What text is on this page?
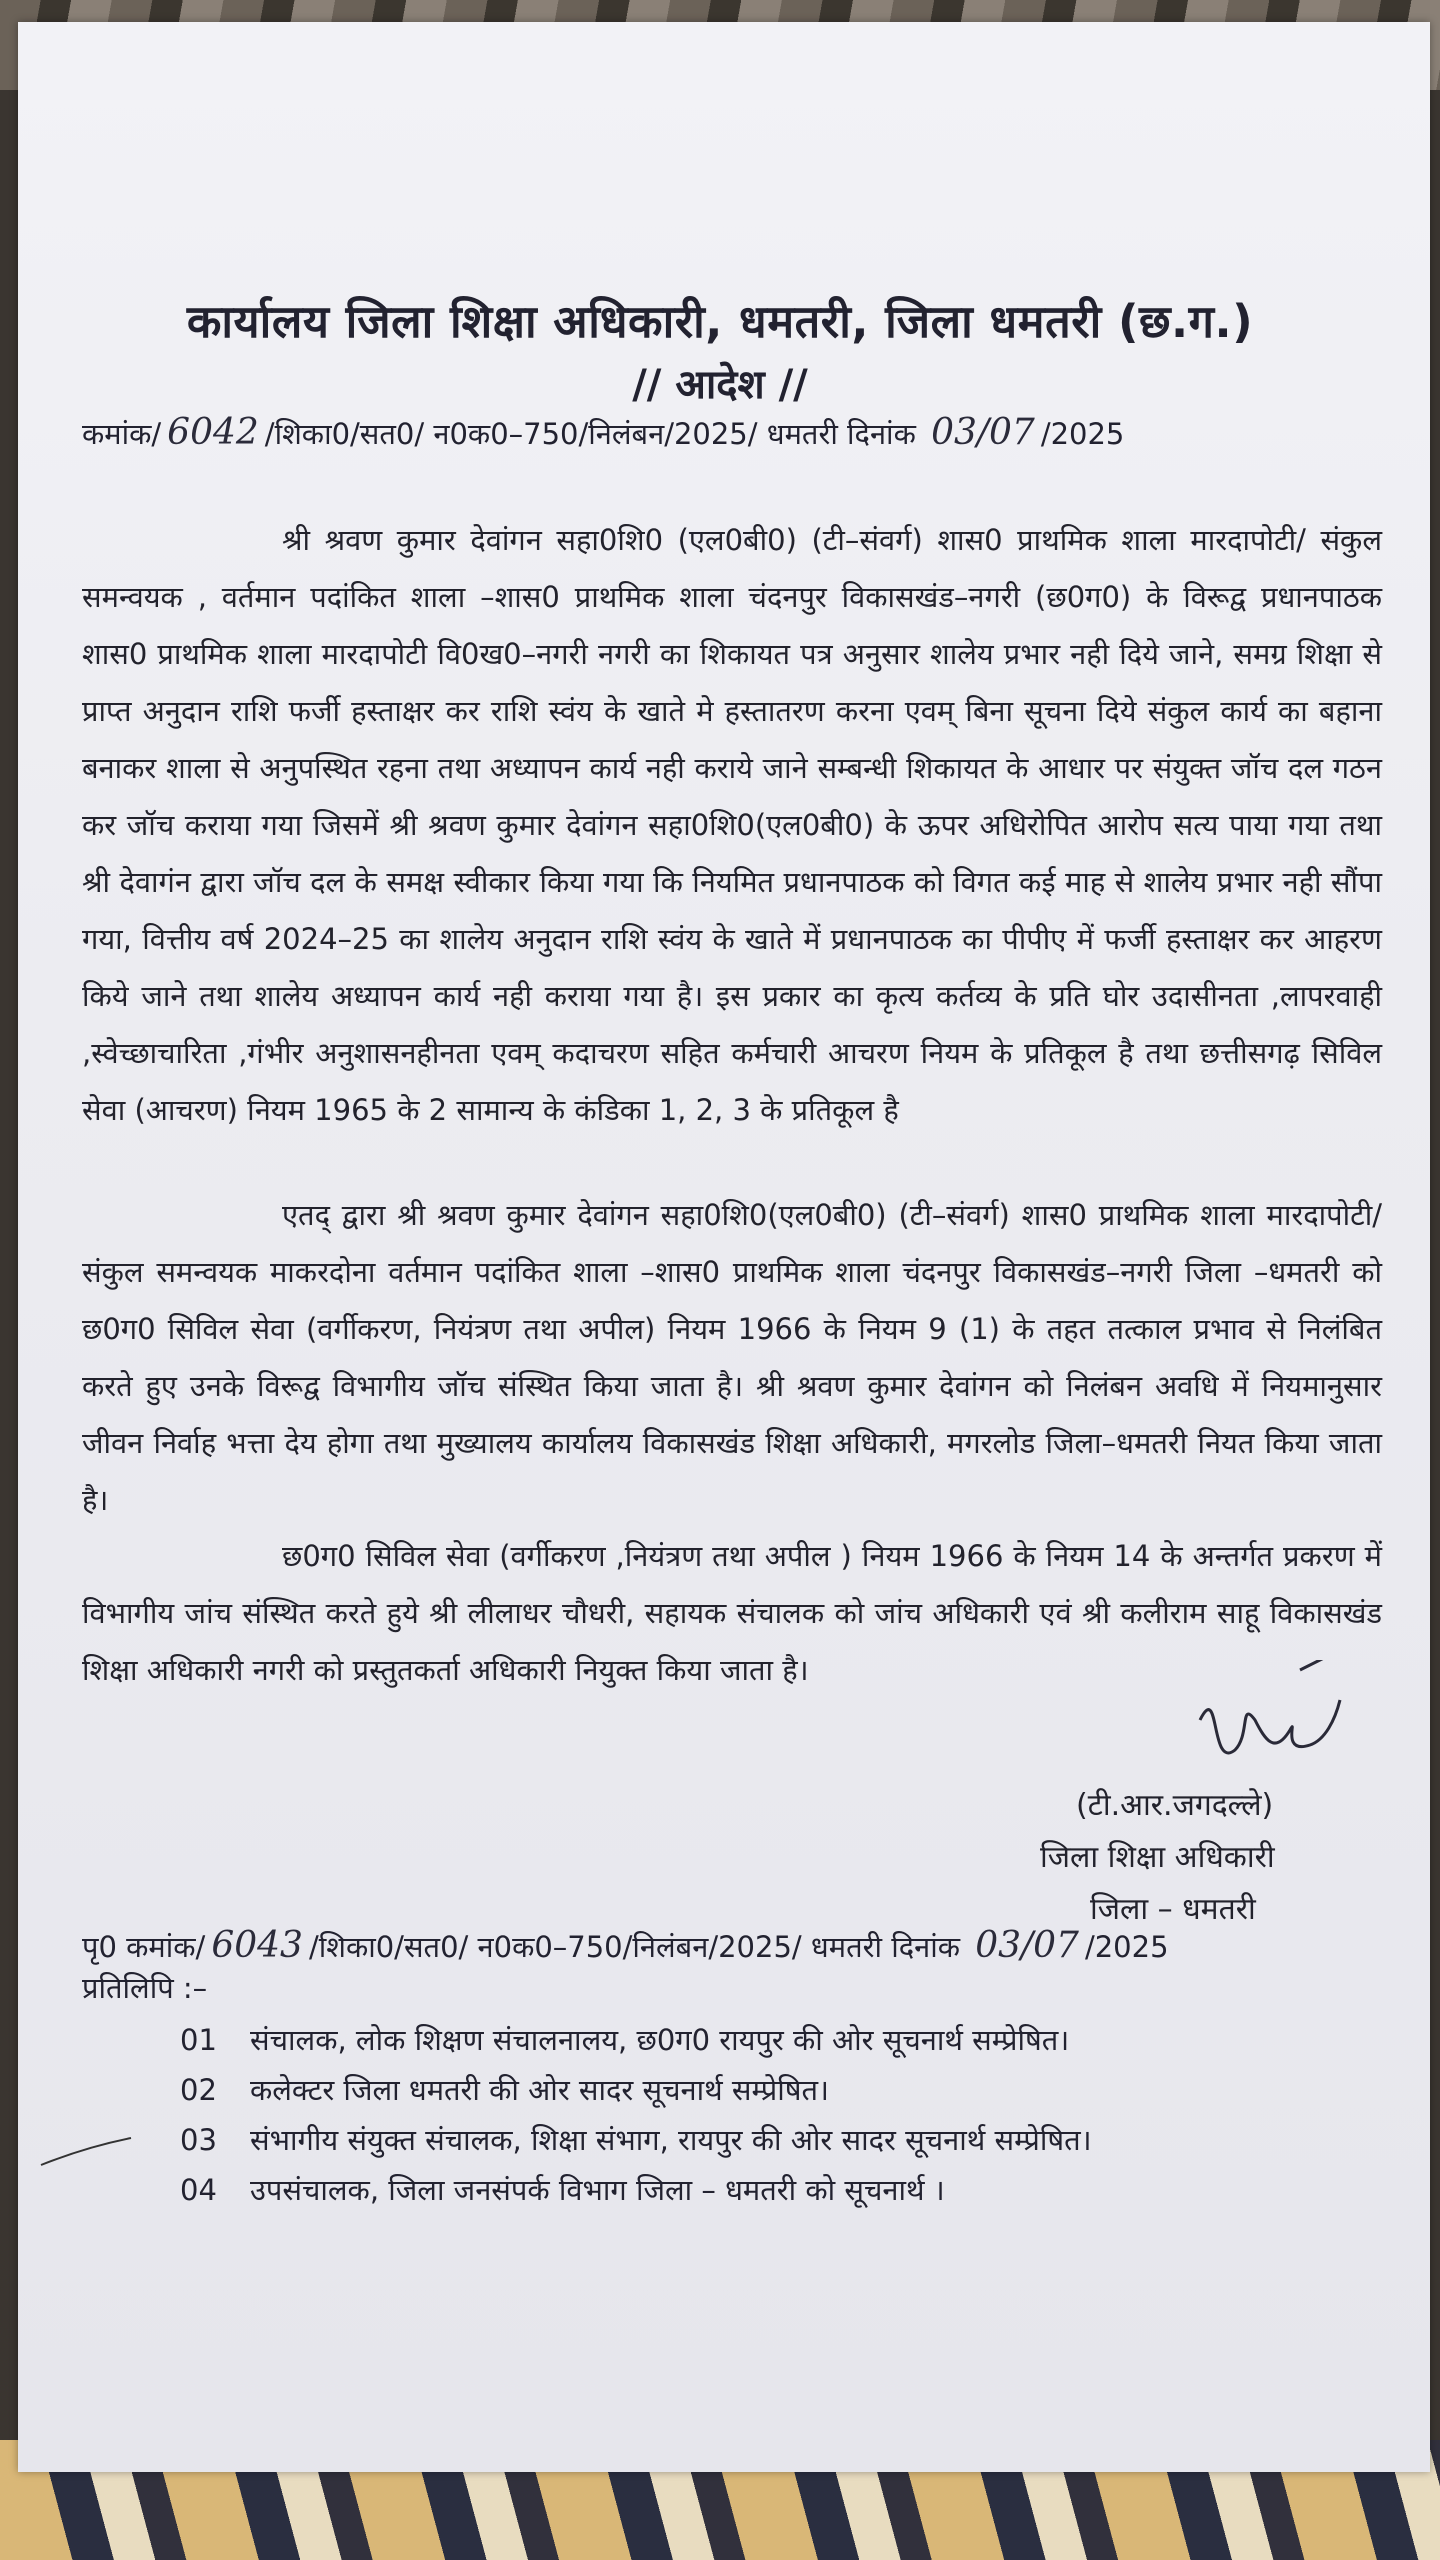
कार्यालय जिला शिक्षा अधिकारी, धमतरी, जिला धमतरी (छ.ग.)
// आदेश //
कमांक/ 6042 /शिका0/सत0/ न0क0–750/निलंबन/2025/ धमतरी दिनांक 03/07 /2025

श्री श्रवण कुमार देवांगन सहा0शि0 (एल0बी0) (टी–संवर्ग) शास0 प्राथमिक शाला मारदापोटी/ संकुल समन्वयक , वर्तमान पदांकित शाला –शास0 प्राथमिक शाला चंदनपुर विकासखंड–नगरी (छ0ग0) के विरूद्व प्रधानपाठक शास0 प्राथमिक शाला मारदापोटी वि0ख0–नगरी नगरी का शिकायत पत्र अनुसार शालेय प्रभार नही दिये जाने, समग्र शिक्षा से प्राप्त अनुदान राशि फर्जी हस्ताक्षर कर राशि स्वंय के खाते मे हस्तातरण करना एवम् बिना सूचना दिये संकुल कार्य का बहाना बनाकर शाला से अनुपस्थित रहना तथा अध्यापन कार्य नही कराये जाने सम्बन्धी शिकायत के आधार पर संयुक्त जॉच दल गठन कर जॉच कराया गया जिसमें श्री श्रवण कुमार देवांगन सहा0शि0(एल0बी0) के ऊपर अधिरोपित आरोप सत्य पाया गया तथा श्री देवागंन द्वारा जॉच दल के समक्ष स्वीकार किया गया कि नियमित प्रधानपाठक को विगत कई माह से शालेय प्रभार नही सौंपा गया, वित्तीय वर्ष 2024–25 का शालेय अनुदान राशि स्वंय के खाते में प्रधानपाठक का पीपीए में फर्जी हस्ताक्षर कर आहरण किये जाने तथा शालेय अध्यापन कार्य नही कराया गया है। इस प्रकार का कृत्य कर्तव्य के प्रति घोर उदासीनता ,लापरवाही ,स्वेच्छाचारिता ,गंभीर अनुशासनहीनता एवम् कदाचरण सहित कर्मचारी आचरण नियम के प्रतिकूल है तथा छत्तीसगढ़ सिविल सेवा (आचरण) नियम 1965 के 2 सामान्य के कंडिका 1, 2, 3 के प्रतिकूल है

एतद् द्वारा श्री श्रवण कुमार देवांगन सहा0शि0(एल0बी0) (टी–संवर्ग) शास0 प्राथमिक शाला मारदापोटी/संकुल समन्वयक माकरदोना वर्तमान पदांकित शाला –शास0 प्राथमिक शाला चंदनपुर विकासखंड–नगरी जिला –धमतरी को छ0ग0 सिविल सेवा (वर्गीकरण, नियंत्रण तथा अपील) नियम 1966 के नियम 9 (1) के तहत तत्काल प्रभाव से निलंबित करते हुए उनके विरूद्व विभागीय जॉच संस्थित किया जाता है। श्री श्रवण कुमार देवांगन को निलंबन अवधि में नियमानुसार जीवन निर्वाह भत्ता देय होगा तथा मुख्यालय कार्यालय विकासखंड शिक्षा अधिकारी, मगरलोड जिला–धमतरी नियत किया जाता है।

छ0ग0 सिविल सेवा (वर्गीकरण ,नियंत्रण तथा अपील ) नियम 1966 के नियम 14 के अन्तर्गत प्रकरण में विभागीय जांच संस्थित करते हुये श्री लीलाधर चौधरी, सहायक संचालक को जांच अधिकारी एवं श्री कलीराम साहू विकासखंड शिक्षा अधिकारी नगरी को प्रस्तुतकर्ता अधिकारी नियुक्त किया जाता है।

(टी.आर.जगदल्ले)
जिला शिक्षा अधिकारी
जिला – धमतरी
पृ0 कमांक/ 6043 /शिका0/सत0/ न0क0–750/निलंबन/2025/ धमतरी दिनांक 03/07 /2025
प्रतिलिपि :–
01 संचालक, लोक शिक्षण संचालनालय, छ0ग0 रायपुर की ओर सूचनार्थ सम्प्रेषित।
02 कलेक्टर जिला धमतरी की ओर सादर सूचनार्थ सम्प्रेषित।
03 संभागीय संयुक्त संचालक, शिक्षा संभाग, रायपुर की ओर सादर सूचनार्थ सम्प्रेषित।
04 उपसंचालक, जिला जनसंपर्क विभाग जिला – धमतरी को सूचनार्थ ।
